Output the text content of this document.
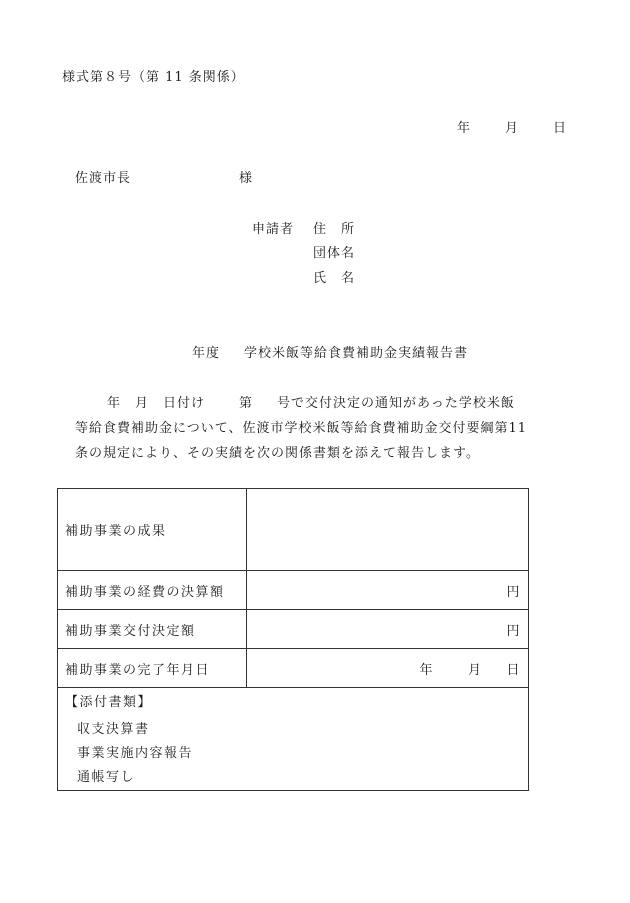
様式第８号（第 11 条関係）
年	月	日
佐渡市長	様
申請者 住　所
団体名
氏　名
年度 学校米飯等給食費補助金実績報告書
年　月　日付け	第 号で交付決定の通知があった学校米飯
等給食費補助金について、佐渡市学校米飯等給食費補助金交付要綱第11
条の規定により、その実績を次の関係書類を添えて報告します。
補助事業の成果	
補助事業の経費の決算額	円
補助事業交付決定額	円
補助事業の完了年月日	年 月 日

【添付書類】
収支決算書
事業実施内容報告
通帳写し	
